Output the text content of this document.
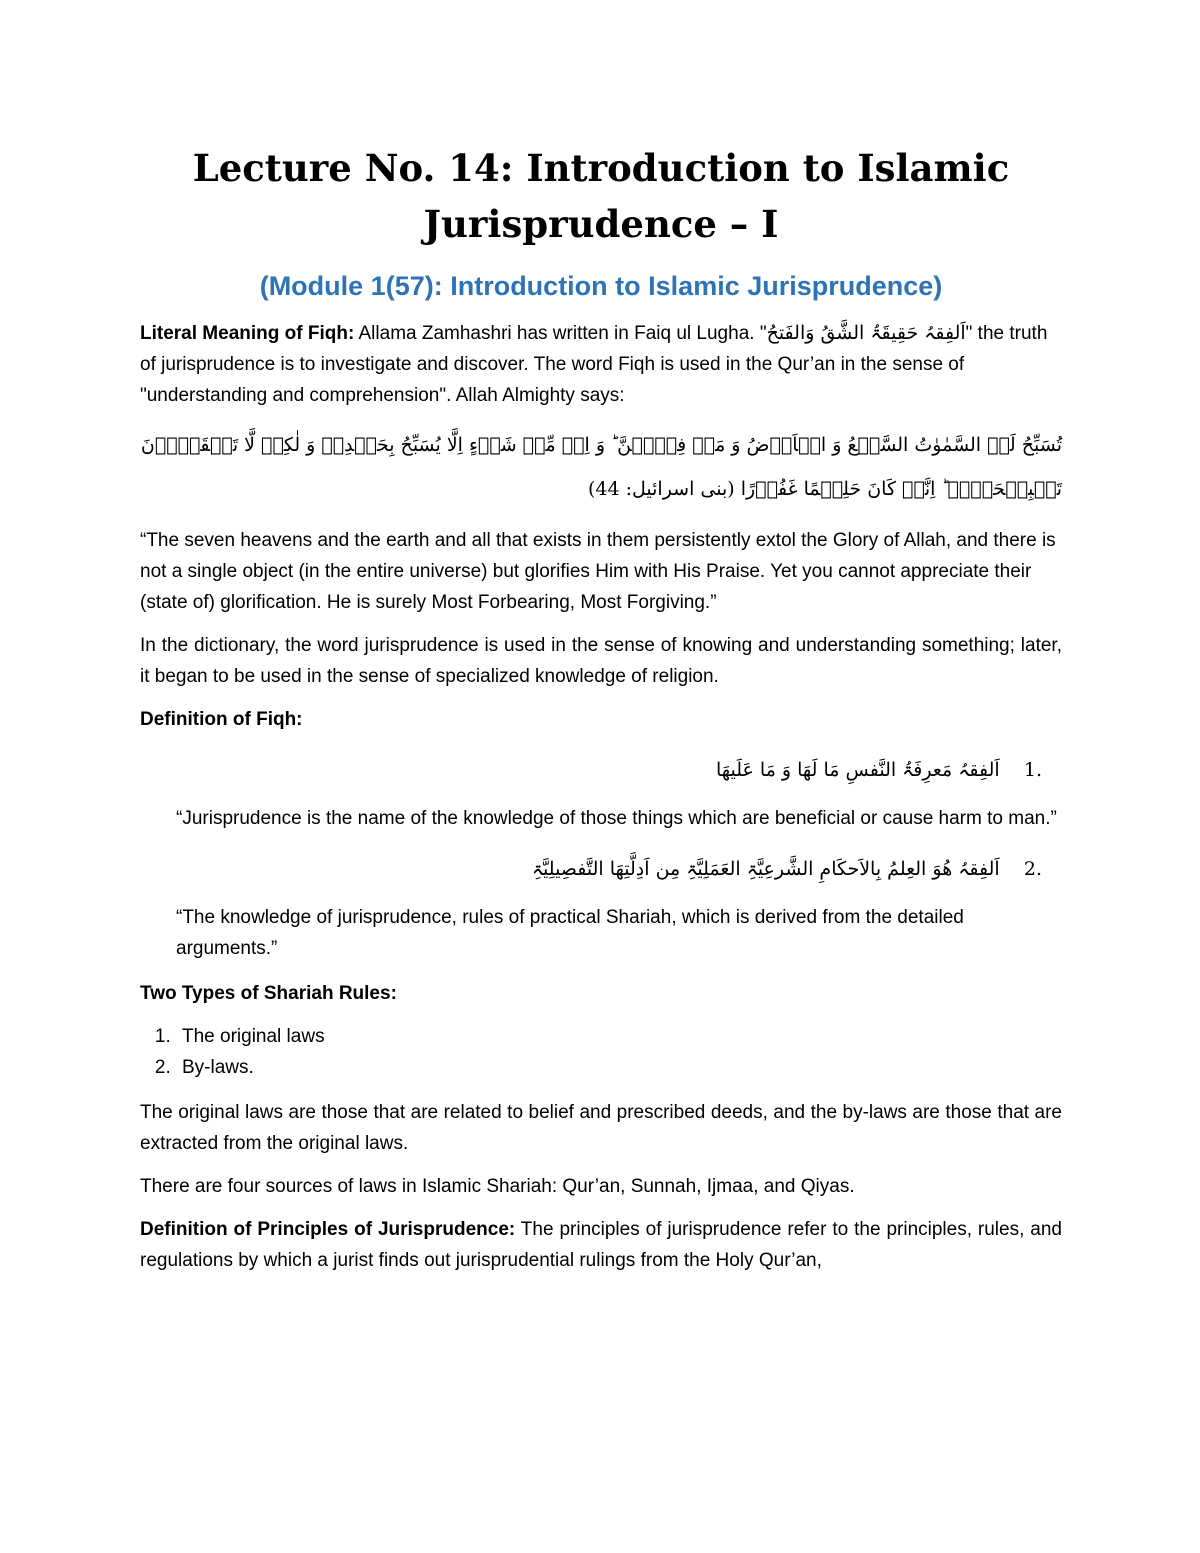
Lecture No. 14: Introduction to Islamic
Jurisprudence – I
(Module 1(57): Introduction to Islamic Jurisprudence)

Literal Meaning of Fiqh: Allama Zamhashri has written in Faiq ul Lugha. "اَلفِقہُ حَقِیقَۃُ الشَّقُ وَالفَتحُ" the truth of jurisprudence is to investigate and discover. The word Fiqh is used in the Qur’an in the sense of "understanding and comprehension". Allah Almighty says:

تُسَبِّحُ لَہُ السَّمٰوٰتُ السَّبۡعُ وَ الۡاَرۡضُ وَ مَنۡ فِیۡہِنَّ ؕ وَ اِنۡ مِّنۡ شَیۡءٍ اِلَّا یُسَبِّحُ بِحَمۡدِہٖ وَ لٰکِنۡ لَّا تَفۡقَہُوۡنَ تَسۡبِیۡحَہُمۡ ؕ اِنَّہٗ کَانَ حَلِیۡمًا غَفُوۡرًا (بنی اسرائیل: 44)

“The seven heavens and the earth and all that exists in them persistently extol the Glory of Allah, and there is not a single object (in the entire universe) but glorifies Him with His Praise. Yet you cannot appreciate their (state of) glorification. He is surely Most Forbearing, Most Forgiving.”

In the dictionary, the word jurisprudence is used in the sense of knowing and understanding something; later, it began to be used in the sense of specialized knowledge of religion.

Definition of Fiqh:

.1    اَلفِقہُ مَعرِفَۃُ النَّفسِ مَا لَھَا وَ مَا عَلَیھَا
“Jurisprudence is the name of the knowledge of those things which are beneficial or cause harm to man.”
.2    اَلفِقہُ ھُوَ العِلمُ بِالاَحکَامِ الشَّرعِیَّۃِ العَمَلِیَّۃِ مِن اَدِلَّتِھَا التَّفصِیلِیَّۃِ
“The knowledge of jurisprudence, rules of practical Shariah, which is derived from the detailed arguments.”

Two Types of Shariah Rules:

1. The original laws
2. By-laws.

The original laws are those that are related to belief and prescribed deeds, and the by-laws are those that are extracted from the original laws.

There are four sources of laws in Islamic Shariah: Qur’an, Sunnah, Ijmaa, and Qiyas.

Definition of Principles of Jurisprudence: The principles of jurisprudence refer to the principles, rules, and regulations by which a jurist finds out jurisprudential rulings from the Holy Qur’an,
